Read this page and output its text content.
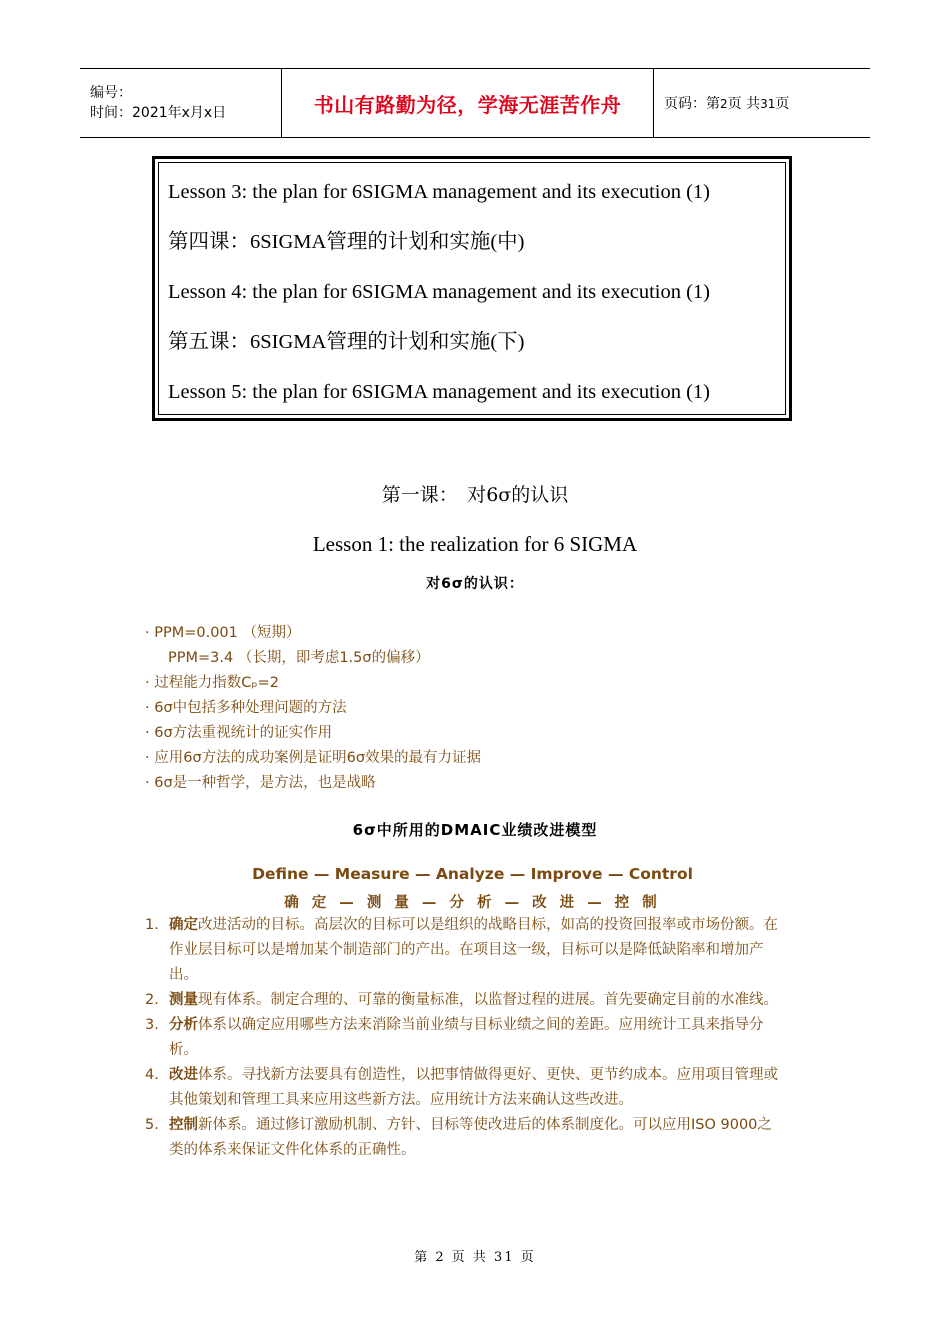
编号：
时间：2021年x月x日	书山有路勤为径，学海无涯苦作舟	页码：第2页 共31页
Lesson 3: the plan for 6SIGMA management and its execution (1)
第四课：6SIGMA管理的计划和实施(中)
Lesson 4: the plan for 6SIGMA management and its execution (1)
第五课：6SIGMA管理的计划和实施(下)
Lesson 5: the plan for 6SIGMA management and its execution (1)
第一课：　对6σ的认识
Lesson 1: the realization for 6 SIGMA
对6σ的认识：
· PPM=0.001 （短期）
PPM=3.4 （长期，即考虑1.5σ的偏移）
· 过程能力指数Cₚ=2
· 6σ中包括多种处理问题的方法
· 6σ方法重视统计的证实作用
· 应用6σ方法的成功案例是证明6σ效果的最有力证据
· 6σ是一种哲学，是方法，也是战略
6σ中所用的DMAIC业绩改进模型
Define — Measure — Analyze — Improve — Control
确 定 — 测 量 — 分 析 — 改 进 — 控 制
1. 确定改进活动的目标。高层次的目标可以是组织的战略目标，如高的投资回报率或市场份额。在作业层目标可以是增加某个制造部门的产出。在项目这一级，目标可以是降低缺陷率和增加产出。
2. 测量现有体系。制定合理的、可靠的衡量标准，以监督过程的进展。首先要确定目前的水准线。
3. 分析体系以确定应用哪些方法来消除当前业绩与目标业绩之间的差距。应用统计工具来指导分析。
4. 改进体系。寻找新方法要具有创造性，以把事情做得更好、更快、更节约成本。应用项目管理或其他策划和管理工具来应用这些新方法。应用统计方法来确认这些改进。
5. 控制新体系。通过修订激励机制、方针、目标等使改进后的体系制度化。可以应用ISO 9000之类的体系来保证文件化体系的正确性。
第 2 页 共 31 页
